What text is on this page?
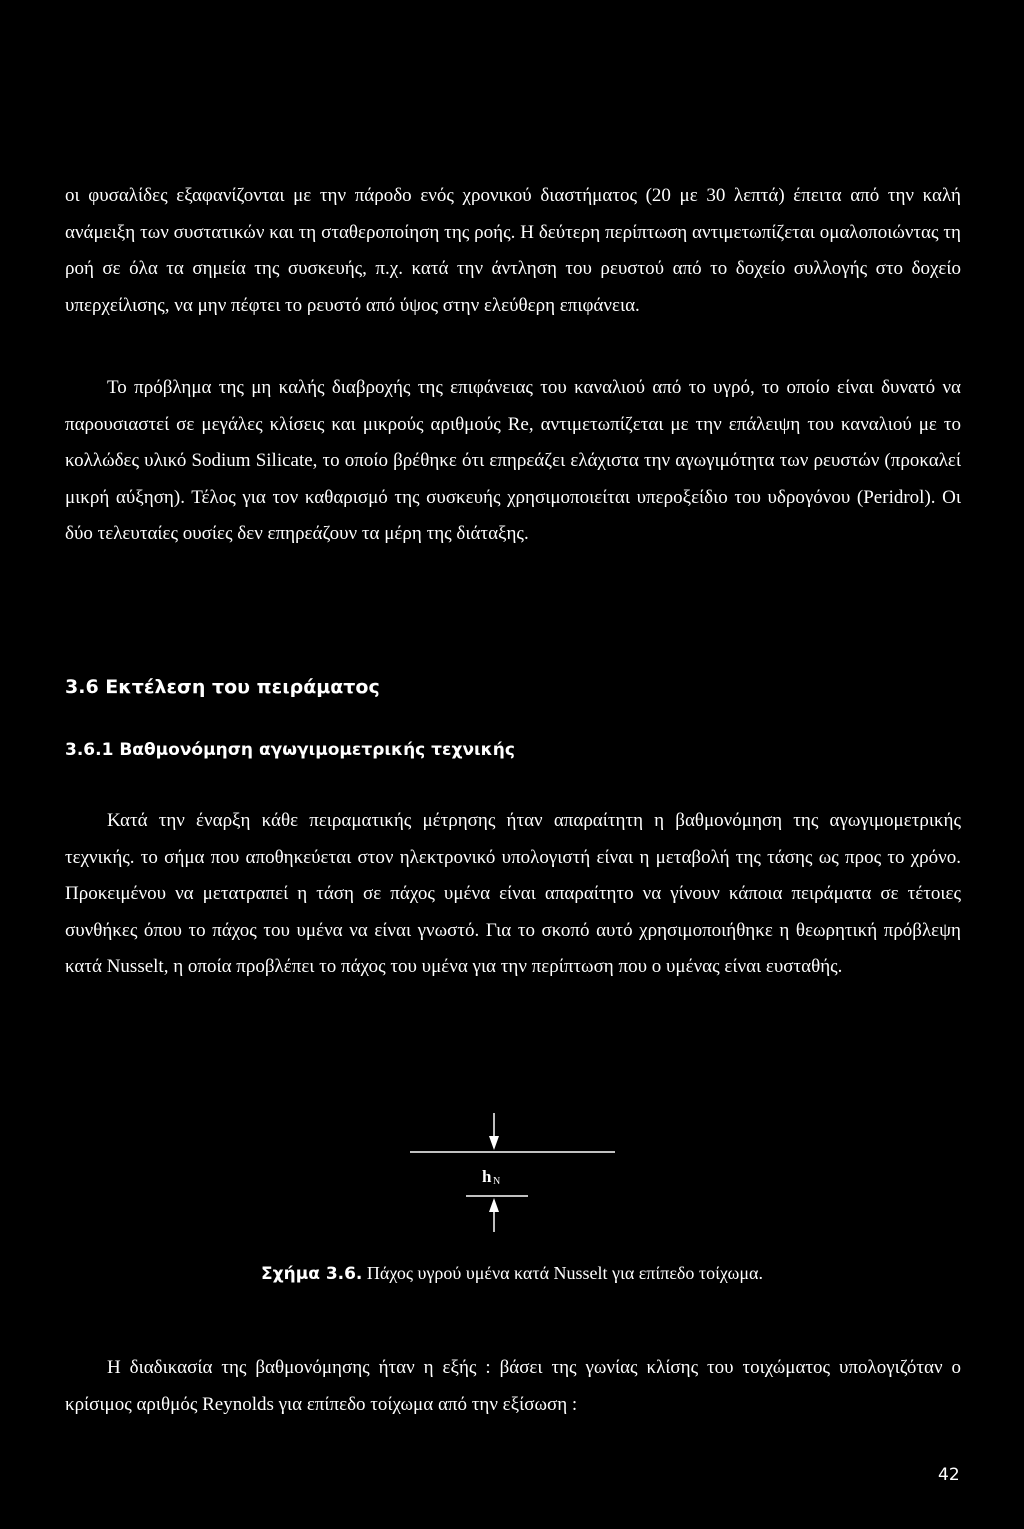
οι φυσαλίδες εξαφανίζονται με την πάροδο ενός χρονικού διαστήματος (20 με 30 λεπτά) έπειτα από την καλή ανάμειξη των συστατικών και τη σταθεροποίηση της ροής. Η δεύτερη περίπτωση αντιμετωπίζεται ομαλοποιώντας τη ροή σε όλα τα σημεία της συσκευής, π.χ. κατά την άντληση του ρευστού από το δοχείο συλλογής στο δοχείο υπερχείλισης, να μην πέφτει το ρευστό από ύψος στην ελεύθερη επιφάνεια.

Το πρόβλημα της μη καλής διαβροχής της επιφάνειας του καναλιού από το υγρό, το οποίο είναι δυνατό να παρουσιαστεί σε μεγάλες κλίσεις και μικρούς αριθμούς Re, αντιμετωπίζεται με την επάλειψη του καναλιού με το κολλώδες υλικό Sodium Silicate, το οποίο βρέθηκε ότι επηρεάζει ελάχιστα την αγωγιμότητα των ρευστών (προκαλεί μικρή αύξηση). Τέλος για τον καθαρισμό της συσκευής χρησιμοποιείται υπεροξείδιο του υδρογόνου (Peridrol). Οι δύο τελευταίες ουσίες δεν επηρεάζουν τα μέρη της διάταξης.

3.6 Εκτέλεση του πειράματος
3.6.1 Βαθμονόμηση αγωγιμομετρικής τεχνικής

Κατά την έναρξη κάθε πειραματικής μέτρησης ήταν απαραίτητη η βαθμονόμηση της αγωγιμομετρικής τεχνικής. το σήμα που αποθηκεύεται στον ηλεκτρονικό υπολογιστή είναι η μεταβολή της τάσης ως προς το χρόνο. Προκειμένου να μετατραπεί η τάση σε πάχος υμένα είναι απαραίτητο να γίνουν κάποια πειράματα σε τέτοιες συνθήκες όπου το πάχος του υμένα να είναι γνωστό. Για το σκοπό αυτό χρησιμοποιήθηκε η θεωρητική πρόβλεψη κατά Nusselt, η οποία προβλέπει το πάχος του υμένα για την περίπτωση που ο υμένας είναι ευσταθής.

h N

Σχήμα 3.6. Πάχος υγρού υμένα κατά Nusselt για επίπεδο τοίχωμα.

Η διαδικασία της βαθμονόμησης ήταν η εξής : βάσει της γωνίας κλίσης του τοιχώματος υπολογιζόταν ο κρίσιμος αριθμός Reynolds για επίπεδο τοίχωμα από την εξίσωση :

42
